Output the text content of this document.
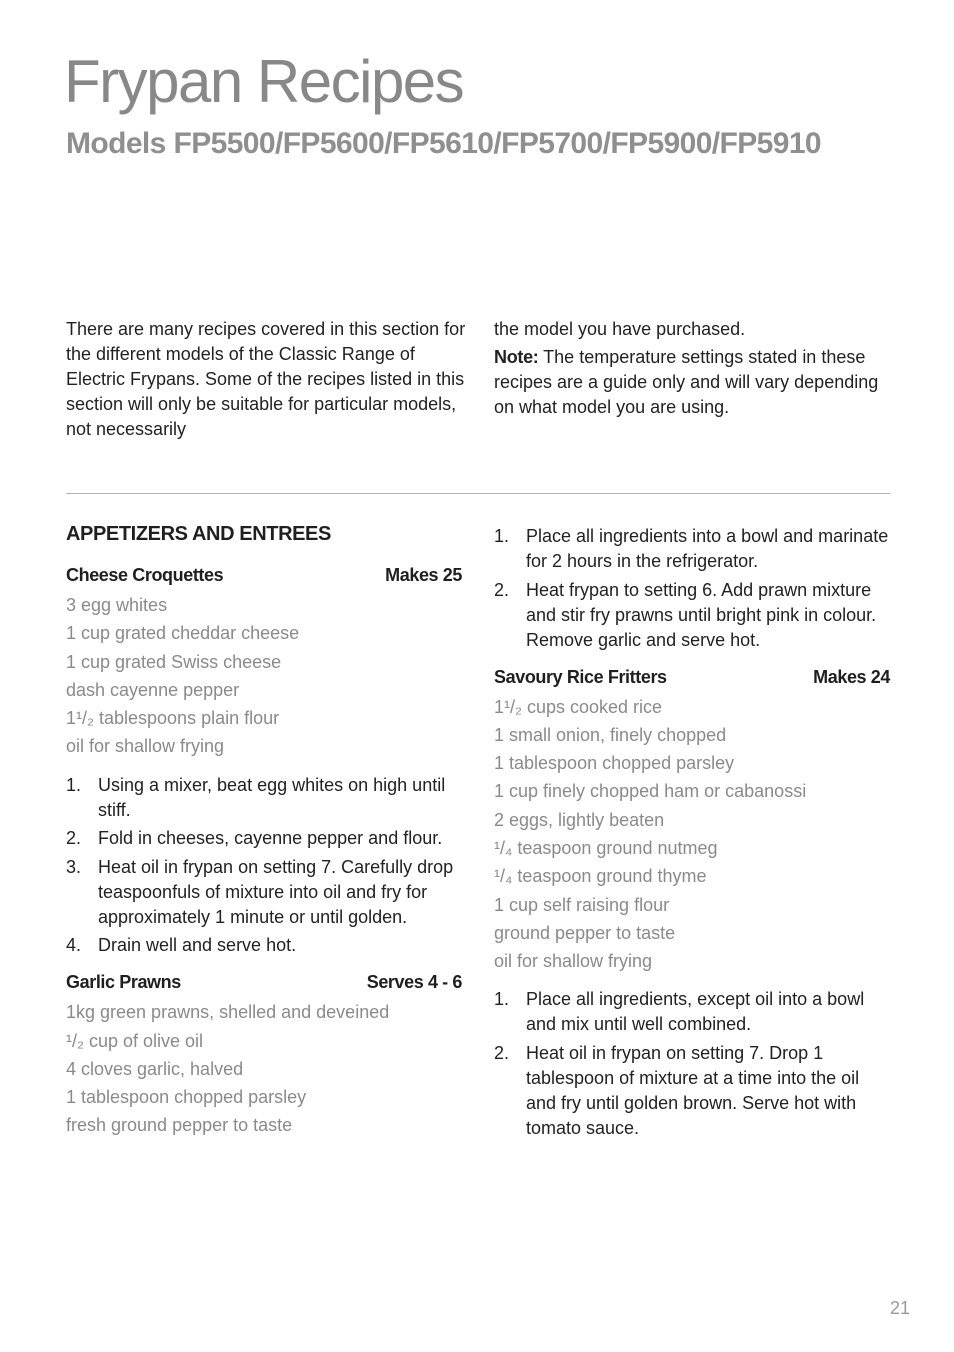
Frypan Recipes
Models FP5500/FP5600/FP5610/FP5700/FP5900/FP5910

There are many recipes covered in this section for the different models of the Classic Range of Electric Frypans. Some of the recipes listed in this section will only be suitable for particular models, not necessarily

the model you have purchased.

Note: The temperature settings stated in these recipes are a guide only and will vary depending on what model you are using.

APPETIZERS AND ENTREES
Cheese Croquettes	Makes 25
3 egg whites
1 cup grated cheddar cheese
1 cup grated Swiss cheese
dash cayenne pepper
1¹/₂ tablespoons plain flour
oil for shallow frying
1. Using a mixer, beat egg whites on high until stiff.
2. Fold in cheeses, cayenne pepper and flour.
3. Heat oil in frypan on setting 7. Carefully drop teaspoonfuls of mixture into oil and fry for approximately 1 minute or until golden.
4. Drain well and serve hot.
Garlic Prawns	Serves 4 - 6
1kg green prawns, shelled and deveined
¹/₂ cup of olive oil
4 cloves garlic, halved
1 tablespoon chopped parsley
fresh ground pepper to taste
1. Place all ingredients into a bowl and marinate for 2 hours in the refrigerator.
2. Heat frypan to setting 6. Add prawn mixture and stir fry prawns until bright pink in colour. Remove garlic and serve hot.
Savoury Rice Fritters	Makes 24
1¹/₂ cups cooked rice
1 small onion, finely chopped
1 tablespoon chopped parsley
1 cup finely chopped ham or cabanossi
2 eggs, lightly beaten
¹/₄ teaspoon ground nutmeg
¹/₄ teaspoon ground thyme
1 cup self raising flour
ground pepper to taste
oil for shallow frying
1. Place all ingredients, except oil into a bowl and mix until well combined.
2. Heat oil in frypan on setting 7. Drop 1 tablespoon of mixture at a time into the oil and fry until golden brown. Serve hot with tomato sauce.
21
